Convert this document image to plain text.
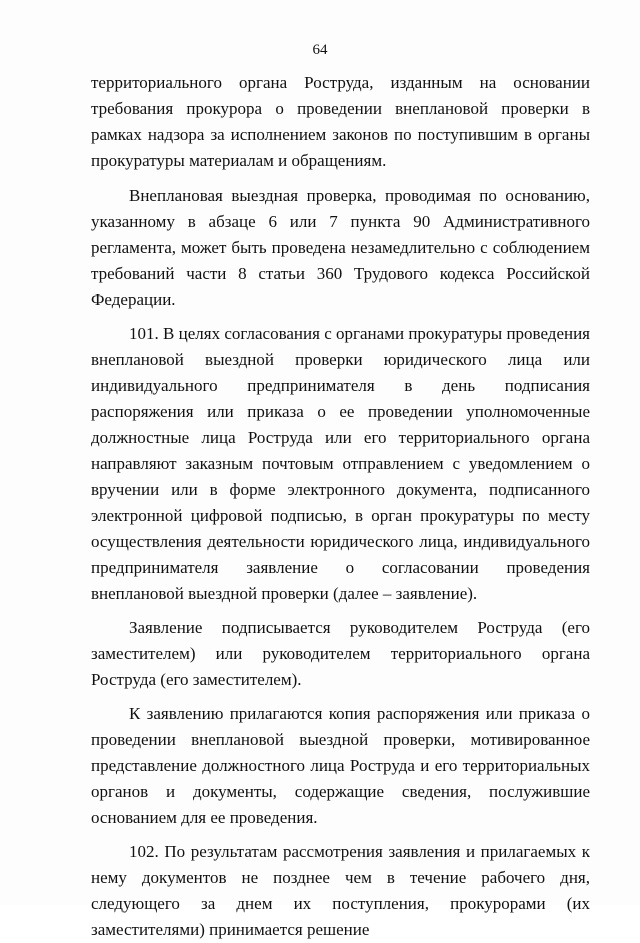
64

территориального органа Роструда, изданным на основании требования прокурора о проведении внеплановой проверки в рамках надзора за исполнением законов по поступившим в органы прокуратуры материалам и обращениям.

Внеплановая выездная проверка, проводимая по основанию, указанному в абзаце 6 или 7 пункта 90 Административного регламента, может быть проведена незамедлительно с соблюдением требований части 8 статьи 360 Трудового кодекса Российской Федерации.

101. В целях согласования с органами прокуратуры проведения внеплановой выездной проверки юридического лица или индивидуального предпринимателя в день подписания распоряжения или приказа о ее проведении уполномоченные должностные лица Роструда или его территориального органа направляют заказным почтовым отправлением с уведомлением о вручении или в форме электронного документа, подписанного электронной цифровой подписью, в орган прокуратуры по месту осуществления деятельности юридического лица, индивидуального предпринимателя заявление о согласовании проведения внеплановой выездной проверки (далее – заявление).

Заявление подписывается руководителем Роструда (его заместителем) или руководителем территориального органа Роструда (его заместителем).

К заявлению прилагаются копия распоряжения или приказа о проведении внеплановой выездной проверки, мотивированное представление должностного лица Роструда и его территориальных органов и документы, содержащие сведения, послужившие основанием для ее проведения.

102. По результатам рассмотрения заявления и прилагаемых к нему документов не позднее чем в течение рабочего дня, следующего за днем их поступления, прокурорами (их заместителями) принимается решение
